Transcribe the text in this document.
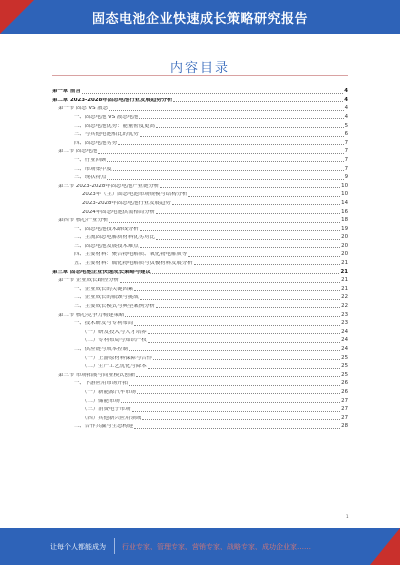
固态电池企业快速成长策略研究报告
内容目录
第一章 前言	4
第二章 2023-2028年固态电池行业发展趋势分析	4
第一节 固态 VS 液态	4
一、固态电池 VS 液态电池	4
二、固态电池优势：能量密度更高	5
三、与其他电池相比的优势	6
四、固态电池劣势	7
第二节 固态电池	7
一、行业回顾	7
二、市场集中度	7
三、现状特点	9
第三节 2023-2028年固态电池产业链分析	10
2023年（主）固态电池市场规模与结构分析	10
2023-2028年固态电池行业发展趋势	14
2024年固态电池供需格局分析	16
第四节 核心产业分析	18
一、固态电池技术路线分析	19
二、主流固态电解质材料优劣对比	20
三、固态电池发展技术难点	20
四、主要材料：聚合物电解质、氧化物电解质等	20
五、主要材料：硫化物电解质与负极材料发展分析	21
第三章 固态电池企业快速成长策略与建议	21
第一节 企业成长路径分析	21
一、企业成长的关键因素	21
二、企业成长的瓶颈与挑战	22
三、主要成长模式与典型案例分析	22
第二节 核心竞争力构建策略	23
一、技术研发与专利布局	23
（一）研发投入与人才培养	24
（二）专利布局与知识产权	24
二、供应链与成本控制	24
（一）上游原材料保障与合作	25
（二）生产工艺优化与降本	25
第三节 市场拓展与商业模式创新	25
一、下游应用市场开拓	26
（一）新能源汽车市场	26
（二）储能市场	27
（三）消费电子市场	27
（四）其他新兴应用领域	27
二、合作共赢与生态构建	28
1
让每个人都能成为 行业专家、管理专家、营销专家、战略专家、成功企业家……
